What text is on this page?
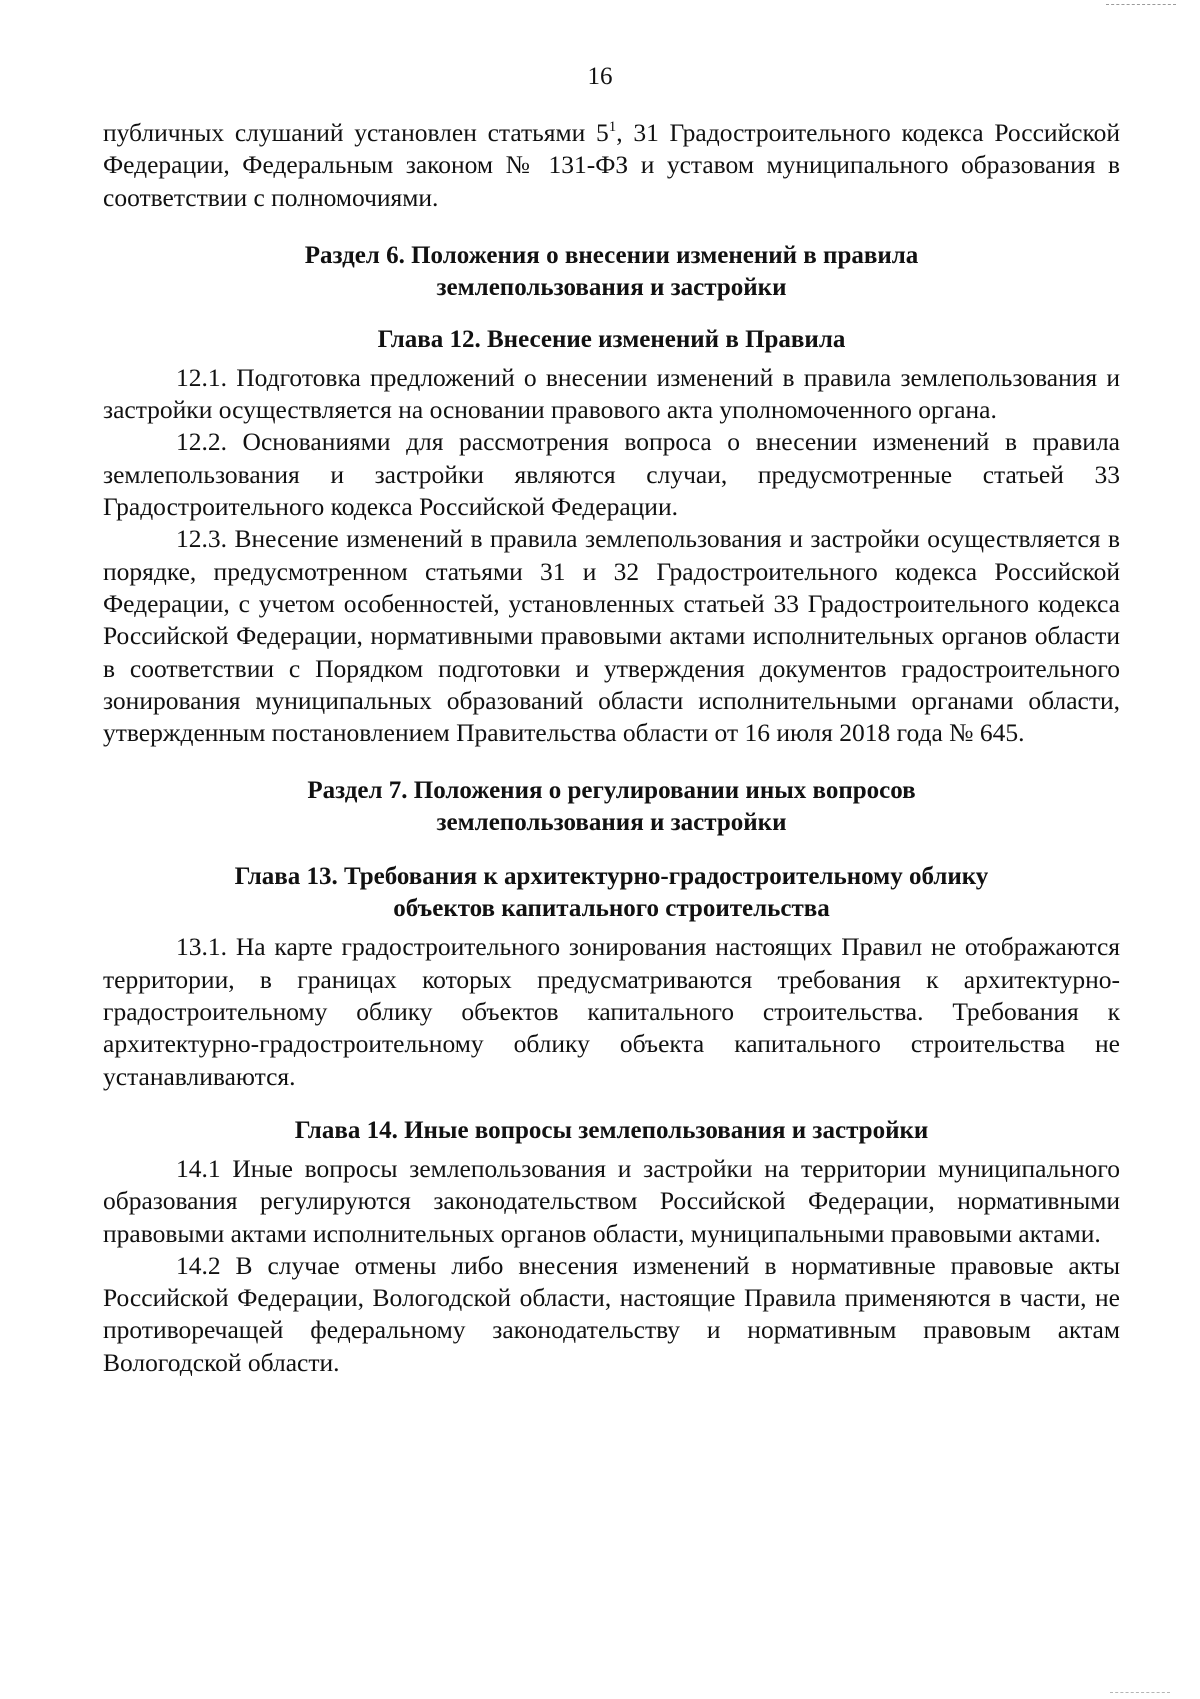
16

публичных слушаний установлен статьями $5^1$, 31 Градостроительного кодекса Российской Федерации, Федеральным законом № 131-ФЗ и уставом муниципального образования в соответствии с полномочиями.

Раздел 6. Положения о внесении изменений в правила
землепользования и застройки
Глава 12. Внесение изменений в Правила

12.1. Подготовка предложений о внесении изменений в правила землепользования и застройки осуществляется на основании правового акта уполномоченного органа.

12.2. Основаниями для рассмотрения вопроса о внесении изменений в правила землепользования и застройки являются случаи, предусмотренные статьей 33 Градостроительного кодекса Российской Федерации.

12.3. Внесение изменений в правила землепользования и застройки осуществляется в порядке, предусмотренном статьями 31 и 32 Градостроительного кодекса Российской Федерации, с учетом особенностей, установленных статьей 33 Градостроительного кодекса Российской Федерации, нормативными правовыми актами исполнительных органов области в соответствии с Порядком подготовки и утверждения документов градостроительного зонирования муниципальных образований области исполнительными органами области, утвержденным постановлением Правительства области от 16 июля 2018 года № 645.

Раздел 7. Положения о регулировании иных вопросов
землепользования и застройки
Глава 13. Требования к архитектурно-градостроительному облику
объектов капитального строительства

13.1. На карте градостроительного зонирования настоящих Правил не отображаются территории, в границах которых предусматриваются требования к архитектурно-градостроительному облику объектов капитального строительства. Требования к архитектурно-градостроительному облику объекта капитального строительства не устанавливаются.

Глава 14. Иные вопросы землепользования и застройки

14.1 Иные вопросы землепользования и застройки на территории муниципального образования регулируются законодательством Российской Федерации, нормативными правовыми актами исполнительных органов области, муниципальными правовыми актами.

14.2 В случае отмены либо внесения изменений в нормативные правовые акты Российской Федерации, Вологодской области, настоящие Правила применяются в части, не противоречащей федеральному законодательству и нормативным правовым актам Вологодской области.
